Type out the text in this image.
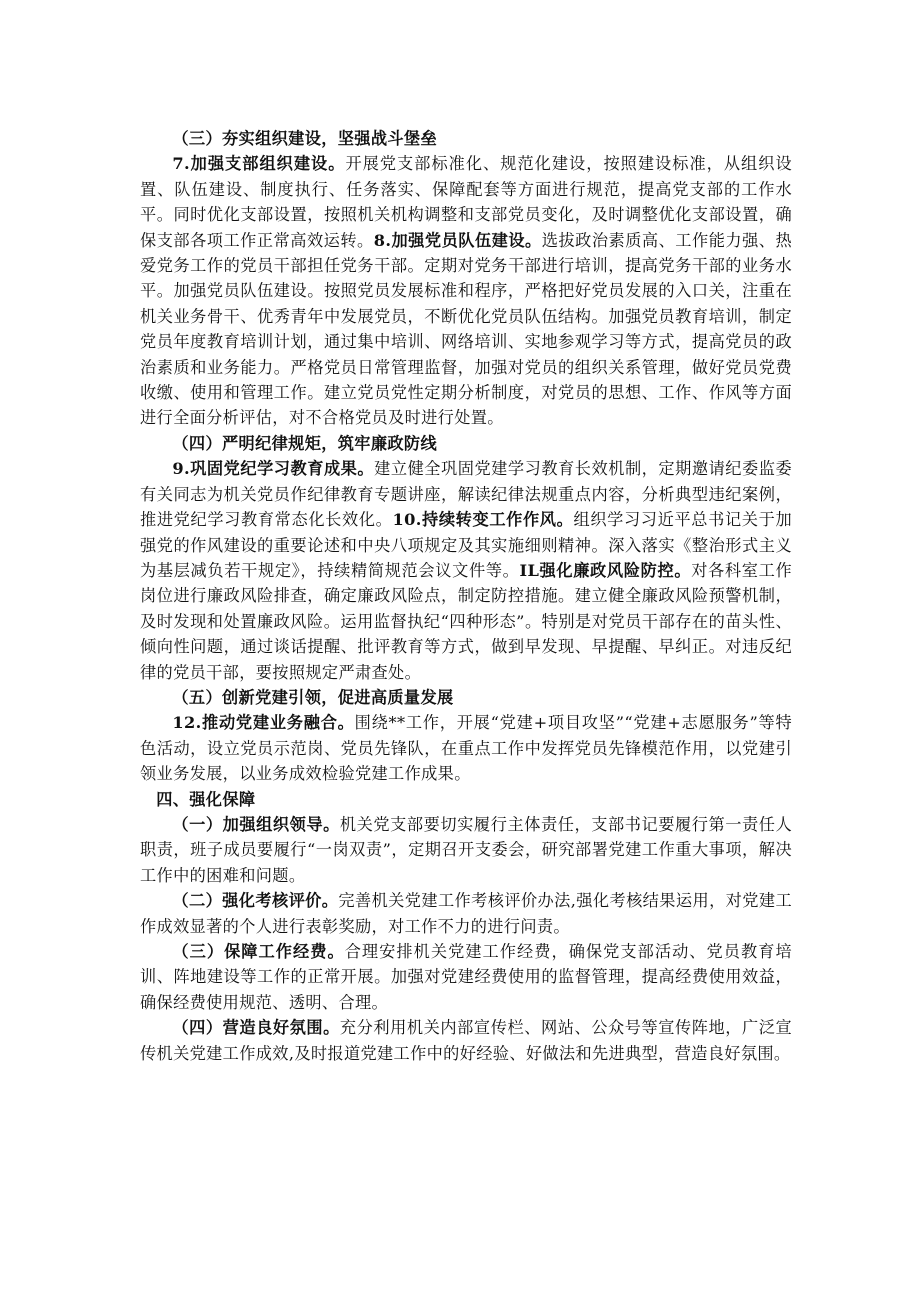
（三）夯实组织建设，坚强战斗堡垒

7.加强支部组织建设。开展党支部标准化、规范化建设，按照建设标准，从组织设置、队伍建设、制度执行、任务落实、保障配套等方面进行规范，提高党支部的工作水平。同时优化支部设置，按照机关机构调整和支部党员变化，及时调整优化支部设置，确保支部各项工作正常高效运转。8.加强党员队伍建设。选拔政治素质高、工作能力强、热爱党务工作的党员干部担任党务干部。定期对党务干部进行培训，提高党务干部的业务水平。加强党员队伍建设。按照党员发展标准和程序，严格把好党员发展的入口关，注重在机关业务骨干、优秀青年中发展党员，不断优化党员队伍结构。加强党员教育培训，制定党员年度教育培训计划，通过集中培训、网络培训、实地参观学习等方式，提高党员的政治素质和业务能力。严格党员日常管理监督，加强对党员的组织关系管理，做好党员党费收缴、使用和管理工作。建立党员党性定期分析制度，对党员的思想、工作、作风等方面进行全面分析评估，对不合格党员及时进行处置。

（四）严明纪律规矩，筑牢廉政防线

9.巩固党纪学习教育成果。建立健全巩固党建学习教育长效机制，定期邀请纪委监委有关同志为机关党员作纪律教育专题讲座，解读纪律法规重点内容，分析典型违纪案例，推进党纪学习教育常态化长效化。10.持续转变工作作风。组织学习习近平总书记关于加强党的作风建设的重要论述和中央八项规定及其实施细则精神。深入落实《整治形式主义为基层减负若干规定》，持续精简规范会议文件等。IL强化廉政风险防控。对各科室工作岗位进行廉政风险排查，确定廉政风险点，制定防控措施。建立健全廉政风险预警机制，及时发现和处置廉政风险。运用监督执纪“四种形态”。特别是对党员干部存在的苗头性、倾向性问题，通过谈话提醒、批评教育等方式，做到早发现、早提醒、早纠正。对违反纪律的党员干部，要按照规定严肃查处。

（五）创新党建引领，促进高质量发展

12.推动党建业务融合。围绕**工作，开展“党建+项目攻坚”“党建+志愿服务”等特色活动，设立党员示范岗、党员先锋队，在重点工作中发挥党员先锋模范作用，以党建引领业务发展，以业务成效检验党建工作成果。

四、强化保障

（一）加强组织领导。机关党支部要切实履行主体责任，支部书记要履行第一责任人职责，班子成员要履行“一岗双责”，定期召开支委会，研究部署党建工作重大事项，解决工作中的困难和问题。

（二）强化考核评价。完善机关党建工作考核评价办法,强化考核结果运用，对党建工作成效显著的个人进行表彰奖励，对工作不力的进行问责。

（三）保障工作经费。合理安排机关党建工作经费，确保党支部活动、党员教育培训、阵地建设等工作的正常开展。加强对党建经费使用的监督管理，提高经费使用效益，确保经费使用规范、透明、合理。

（四）营造良好氛围。充分利用机关内部宣传栏、网站、公众号等宣传阵地，广泛宣传机关党建工作成效,及时报道党建工作中的好经验、好做法和先进典型，营造良好氛围。
